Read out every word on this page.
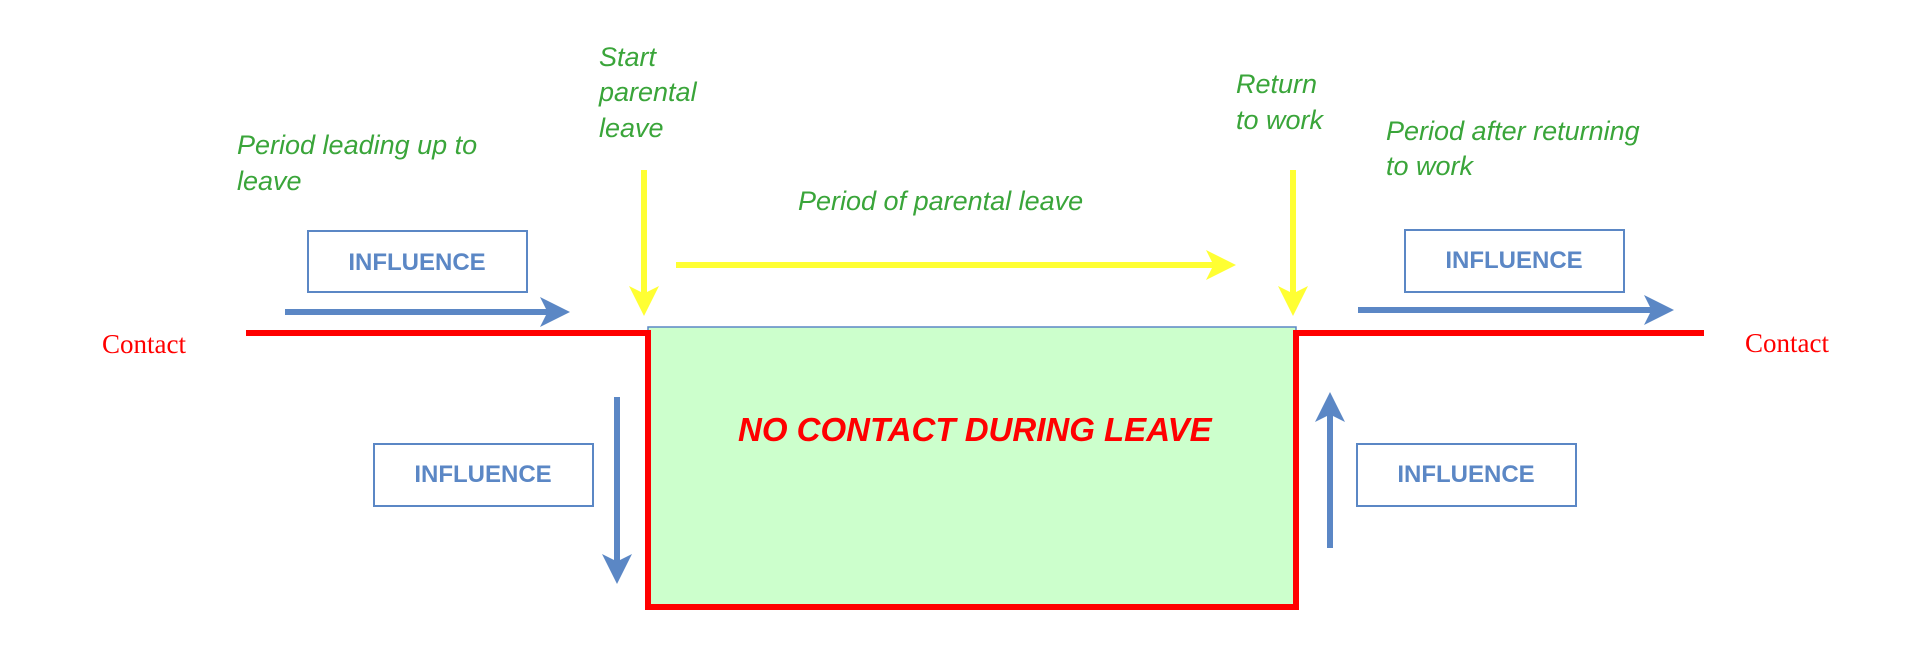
Contact	Contact
Period leading up to leave
Start parental leave
Period of parental leave
Return to work Period after returning to work
INFLUENCE	INFLUENCE
INFLUENCE	INFLUENCE
NO CONTACT DURING LEAVE
